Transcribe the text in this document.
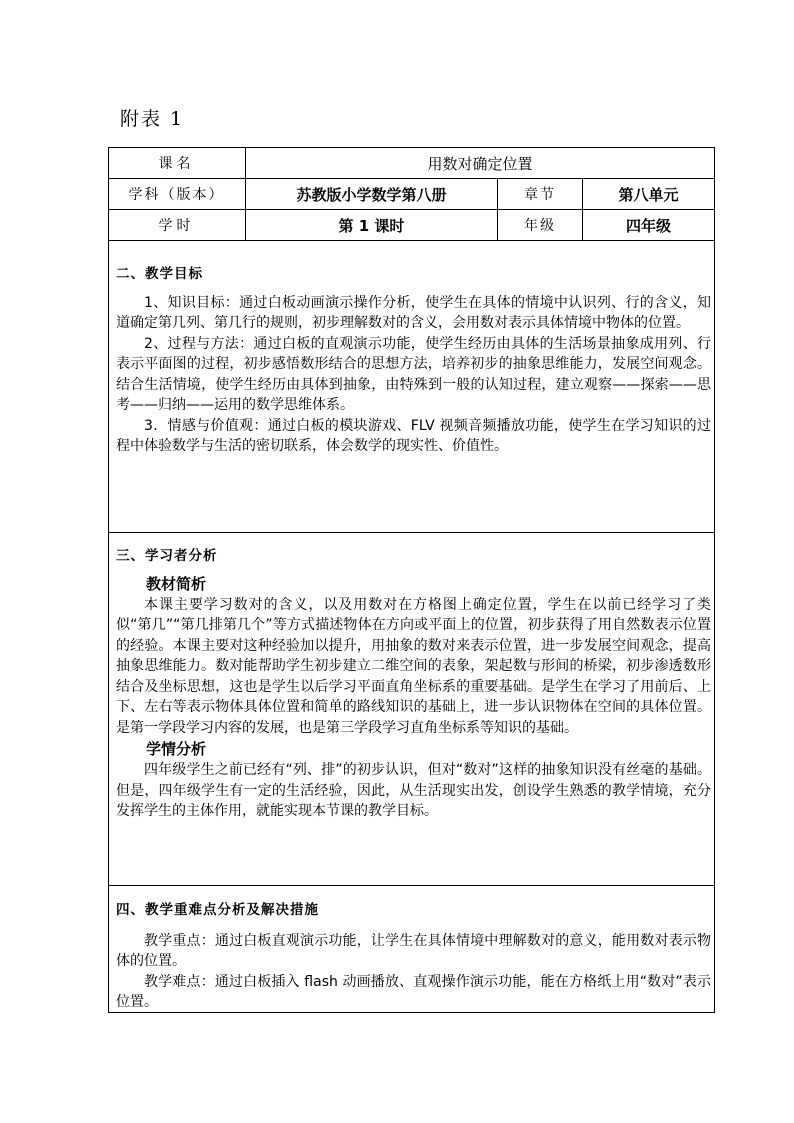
附表 1
课名	用数对确定位置
学科（版本）	苏教版小学数学第八册	章节	第八单元
学时	第 1 课时	年级	四年级
二、教学目标

1、知识目标：通过白板动画演示操作分析，使学生在具体的情境中认识列、行的含义，知道确定第几列、第几行的规则，初步理解数对的含义，会用数对表示具体情境中物体的位置。

2、过程与方法：通过白板的直观演示功能，使学生经历由具体的生活场景抽象成用列、行表示平面图的过程，初步感悟数形结合的思想方法，培养初步的抽象思维能力，发展空间观念。结合生活情境，使学生经历由具体到抽象，由特殊到一般的认知过程，建立观察——探索——思考——归纳——运用的数学思维体系。

3．情感与价值观：通过白板的模块游戏、FLV 视频音频播放功能，使学生在学习知识的过程中体验数学与生活的密切联系，体会数学的现实性、价值性。

三、学习者分析

教材简析

本课主要学习数对的含义，以及用数对在方格图上确定位置，学生在以前已经学习了类似“第几”“第几排第几个”等方式描述物体在方向或平面上的位置，初步获得了用自然数表示位置的经验。本课主要对这种经验加以提升，用抽象的数对来表示位置，进一步发展空间观念，提高抽象思维能力。数对能帮助学生初步建立二维空间的表象，架起数与形间的桥梁，初步渗透数形结合及坐标思想，这也是学生以后学习平面直角坐标系的重要基础。是学生在学习了用前后、上下、左右等表示物体具体位置和简单的路线知识的基础上，进一步认识物体在空间的具体位置。是第一学段学习内容的发展，也是第三学段学习直角坐标系等知识的基础。

学情分析

四年级学生之前已经有“列、排”的初步认识，但对“数对”这样的抽象知识没有丝毫的基础。但是，四年级学生有一定的生活经验，因此，从生活现实出发，创设学生熟悉的教学情境，充分发挥学生的主体作用，就能实现本节课的教学目标。

四、教学重难点分析及解决措施

教学重点：通过白板直观演示功能，让学生在具体情境中理解数对的意义，能用数对表示物体的位置。

教学难点：通过白板插入 flash 动画播放、直观操作演示功能，能在方格纸上用“数对”表示位置。
